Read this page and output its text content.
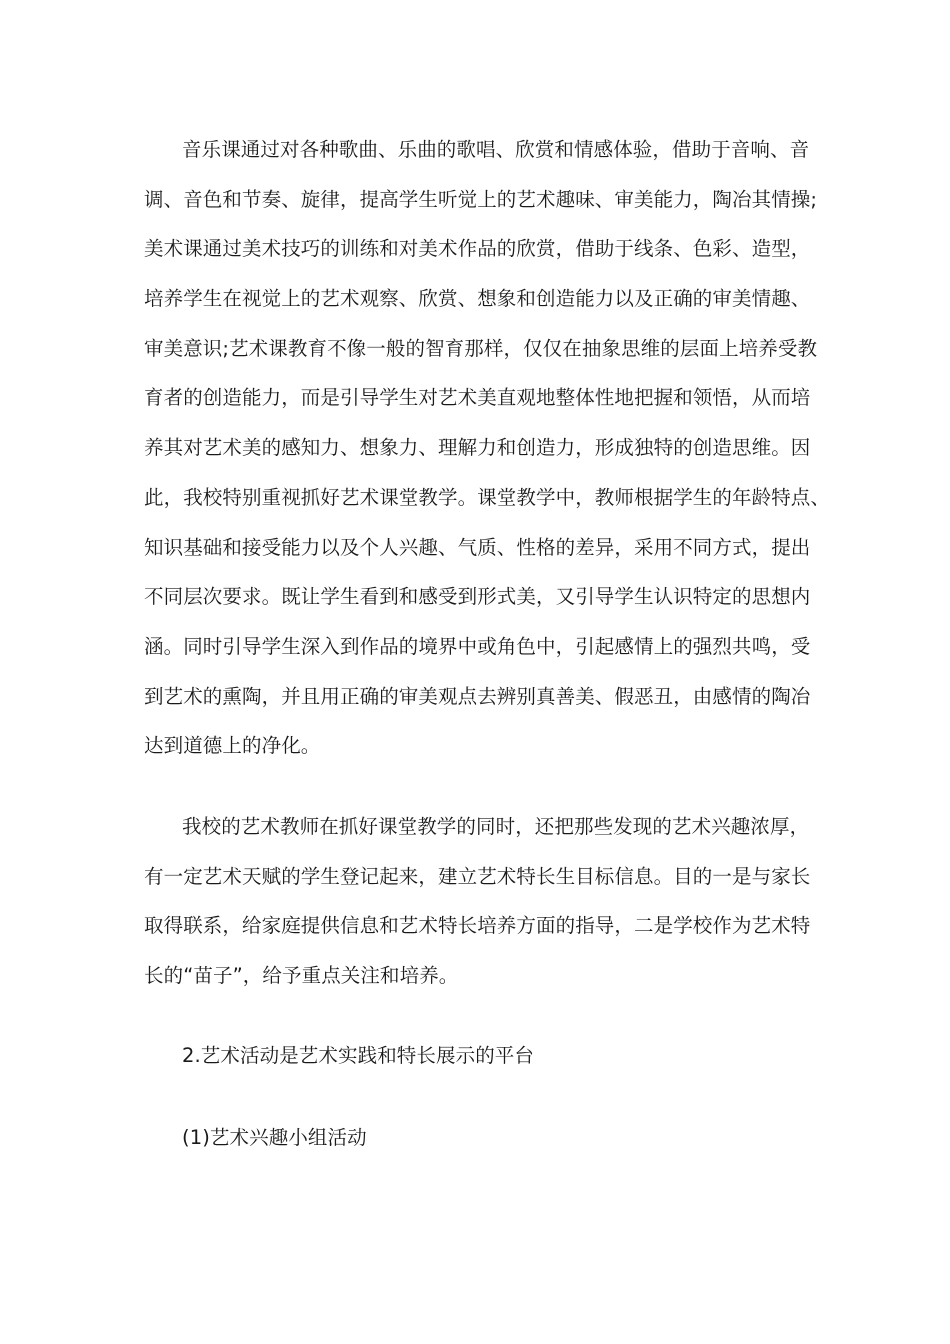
音乐课通过对各种歌曲、乐曲的歌唱、欣赏和情感体验，借助于音响、音
调、音色和节奏、旋律，提高学生听觉上的艺术趣味、审美能力，陶冶其情操;
美术课通过美术技巧的训练和对美术作品的欣赏，借助于线条、色彩、造型，
培养学生在视觉上的艺术观察、欣赏、想象和创造能力以及正确的审美情趣、
审美意识;艺术课教育不像一般的智育那样，仅仅在抽象思维的层面上培养受教
育者的创造能力，而是引导学生对艺术美直观地整体性地把握和领悟，从而培
养其对艺术美的感知力、想象力、理解力和创造力，形成独特的创造思维。因
此，我校特别重视抓好艺术课堂教学。课堂教学中，教师根据学生的年龄特点、
知识基础和接受能力以及个人兴趣、气质、性格的差异，采用不同方式，提出
不同层次要求。既让学生看到和感受到形式美，又引导学生认识特定的思想内
涵。同时引导学生深入到作品的境界中或角色中，引起感情上的强烈共鸣，受
到艺术的熏陶，并且用正确的审美观点去辨别真善美、假恶丑，由感情的陶冶
达到道德上的净化。
我校的艺术教师在抓好课堂教学的同时，还把那些发现的艺术兴趣浓厚，
有一定艺术天赋的学生登记起来，建立艺术特长生目标信息。目的一是与家长
取得联系，给家庭提供信息和艺术特长培养方面的指导，二是学校作为艺术特
长的“苗子”，给予重点关注和培养。
2.艺术活动是艺术实践和特长展示的平台
(1)艺术兴趣小组活动
